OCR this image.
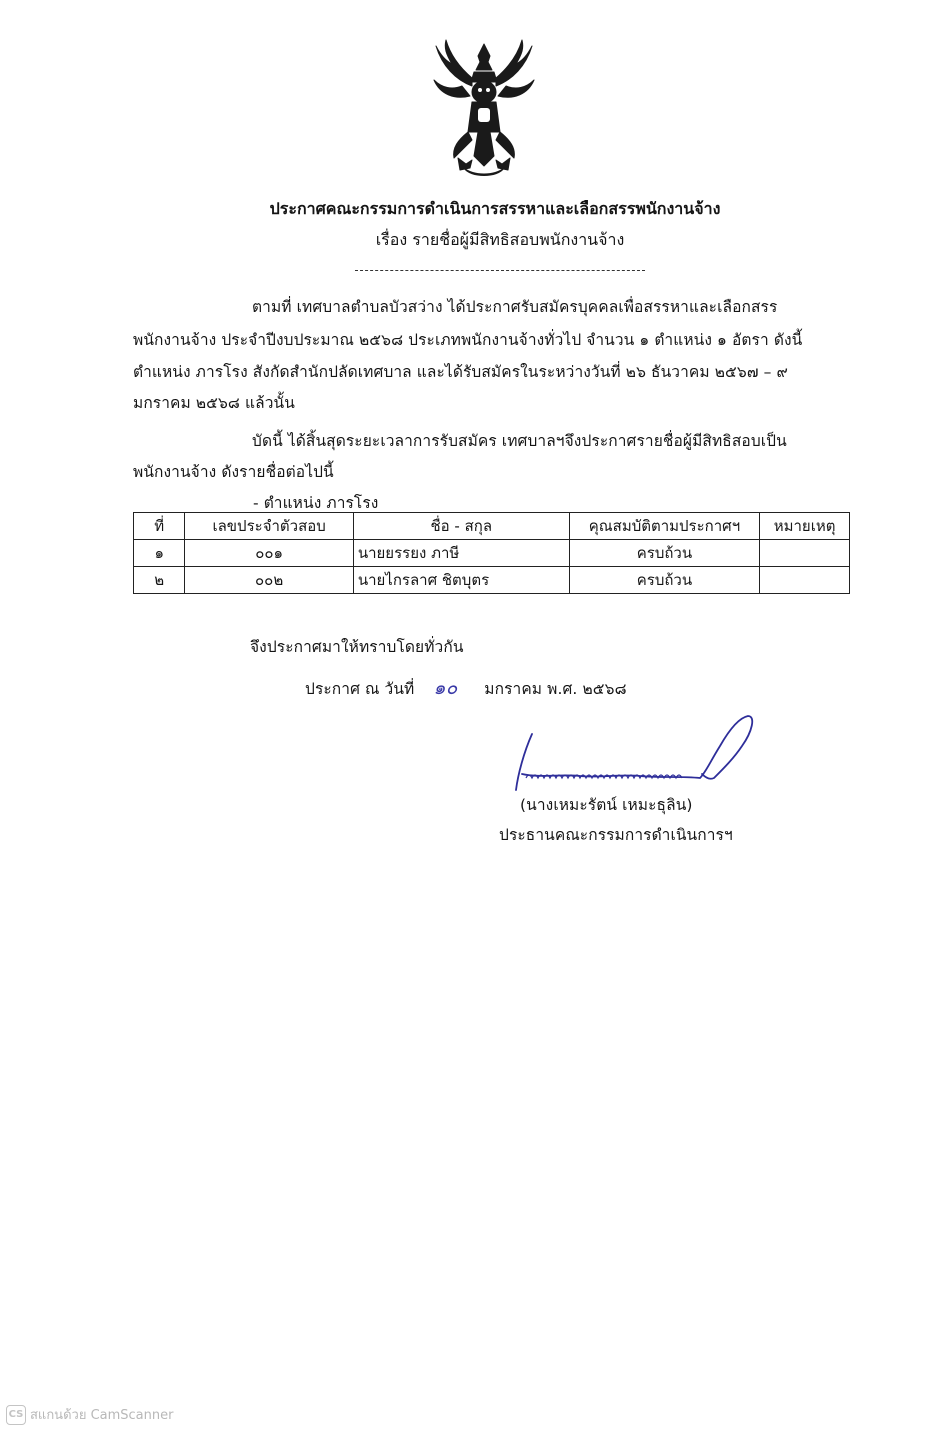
ประกาศคณะกรรมการดำเนินการสรรหาและเลือกสรรพนักงานจ้าง
เรื่อง รายชื่อผู้มีสิทธิสอบพนักงานจ้าง
ตามที่ เทศบาลตำบลบัวสว่าง ได้ประกาศรับสมัครบุคคลเพื่อสรรหาและเลือกสรร
พนักงานจ้าง ประจำปีงบประมาณ ๒๕๖๘ ประเภทพนักงานจ้างทั่วไป จำนวน ๑ ตำแหน่ง ๑ อัตรา ดังนี้
ตำแหน่ง ภารโรง สังกัดสำนักปลัดเทศบาล และได้รับสมัครในระหว่างวันที่ ๒๖ ธันวาคม ๒๕๖๗ – ๙
มกราคม ๒๕๖๘ แล้วนั้น
บัดนี้ ได้สิ้นสุดระยะเวลาการรับสมัคร เทศบาลฯจึงประกาศรายชื่อผู้มีสิทธิสอบเป็น
พนักงานจ้าง ดังรายชื่อต่อไปนี้
- ตำแหน่ง ภารโรง
ที่	เลขประจำตัวสอบ	ชื่อ - สกุล	คุณสมบัติตามประกาศฯ	หมายเหตุ
๑	๐๐๑	นายยรรยง ภาษี	ครบถ้วน	
๒	๐๐๒	นายไกรลาศ ชิตบุตร	ครบถ้วน	
จึงประกาศมาให้ทราบโดยทั่วกัน
ประกาศ ณ วันที่ ๑๐ มกราคม พ.ศ. ๒๕๖๘
(นางเหมะรัตน์ เหมะธุลิน)
ประธานคณะกรรมการดำเนินการฯ
CS สแกนด้วย CamScanner
